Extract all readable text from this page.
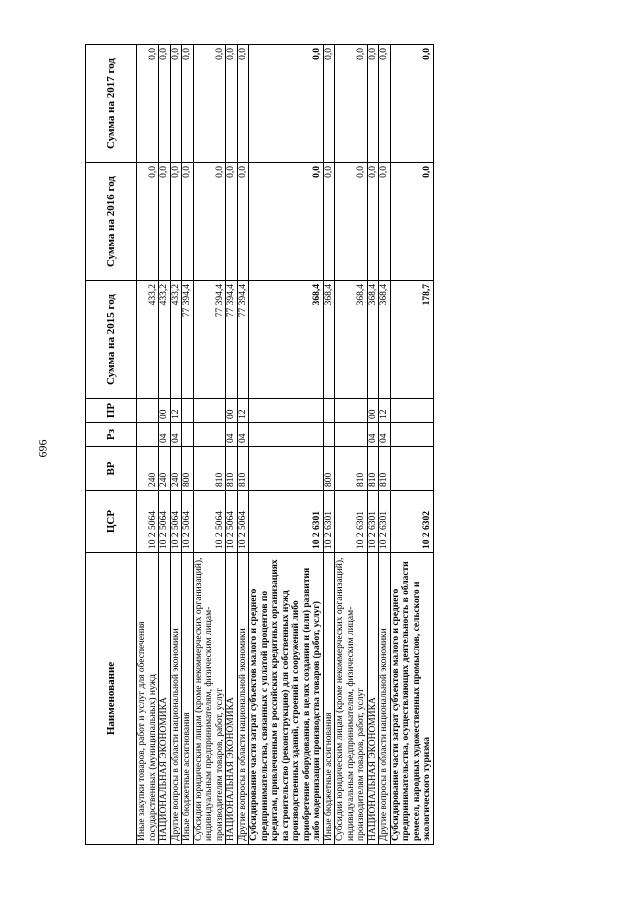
696
Наименование	ЦСР	ВР	Рз	ПР	Сумма на 2015 год	Сумма на 2016 год	Сумма на 2017 год
Иные закупки товаров, работ и услуг для обеспечения государственных (муниципальных) нужд	10 2 5064	240			433,2	0,0	0,0
НАЦИОНАЛЬНАЯ ЭКОНОМИКА	10 2 5064	240	04	00	433,2	0,0	0,0
Другие вопросы в области национальной экономики	10 2 5064	240	04	12	433,2	0,0	0,0
Иные бюджетные ассигнования	10 2 5064	800			77 394,4	0,0	0,0
Субсидии юридическим лицам (кроме некоммерческих организаций), индивидуальным предпринимателям, физическим лицам-производителям товаров, работ, услуг	10 2 5064	810			77 394,4	0,0	0,0
НАЦИОНАЛЬНАЯ ЭКОНОМИКА	10 2 5064	810	04	00	77 394,4	0,0	0,0
Другие вопросы в области национальной экономики	10 2 5064	810	04	12	77 394,4	0,0	0,0
Субсидирование части затрат субъектов малого и среднего предпринимательства, связанных с уплатой процентов по кредитам, привлеченным в российских кредитных организациях на строительство (реконструкцию) для собственных нужд производственных зданий, строений и сооружений либо приобретение оборудования, в целях создания и (или) развития либо модернизации производства товаров (работ, услуг)	10 2 6301				368,4	0,0	0,0
Иные бюджетные ассигнования	10 2 6301	800			368,4	0,0	0,0
Субсидии юридическим лицам (кроме некоммерческих организаций), индивидуальным предпринимателям, физическим лицам-производителям товаров, работ, услуг	10 2 6301	810			368,4	0,0	0,0
НАЦИОНАЛЬНАЯ ЭКОНОМИКА	10 2 6301	810	04	00	368,4	0,0	0,0
Другие вопросы в области национальной экономики	10 2 6301	810	04	12	368,4	0,0	0,0
Субсидирование части затрат субъектов малого и среднего предпринимательства, осуществляющих деятельность в области ремесел, народных художественных промыслов, сельского и экологического туризма	10 2 6302				178,7	0,0	0,0
